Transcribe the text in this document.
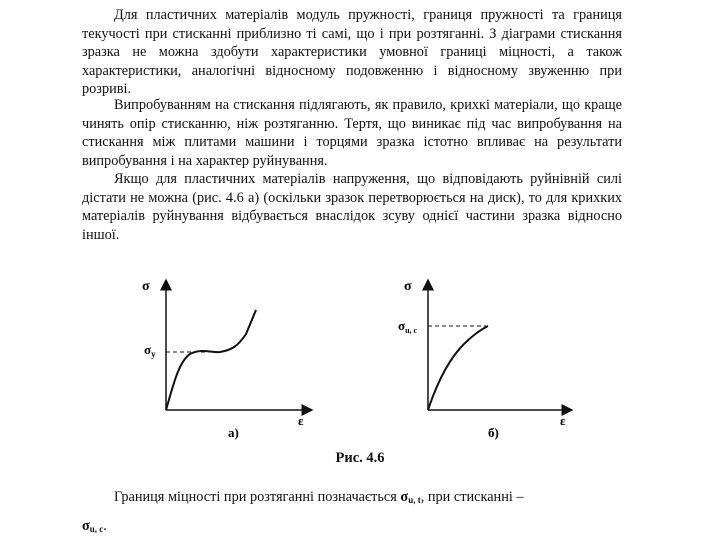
Для пластичних матеріалів модуль пружності, границя пружності та границя текучості при стисканні приблизно ті самі, що і при розтяганні. З діаграми стискання зразка не можна здобути характеристики умовної границі міцності, а також характеристики, аналогічні відносному подовженню і відносному звуженню при розриві.

Випробуванням на стискання підлягають, як правило, крихкі матеріали, що краще чинять опір стисканню, ніж розтяганню. Тертя, що виникає під час випробування на стискання між плитами машини і торцями зразка істотно впливає на результати випробування і на характер руйнування.

Якщо для пластичних матеріалів напруження, що відповідають руйнівній силі дістати не можна (рис. 4.6 а) (оскільки зразок перетворюється на диск), то для крихких матеріалів руйнування відбувається внаслідок зсуву однієї частини зразка відносно іншої.

σ
$\sigma_y$
ε
а)
σ
$\sigma_{u, c}$
ε
б)
Рис. 4.6
Границя міцності при розтяганні позначається $\sigma_{u, t}$, при стисканні –
$\sigma_{u, c}$.
